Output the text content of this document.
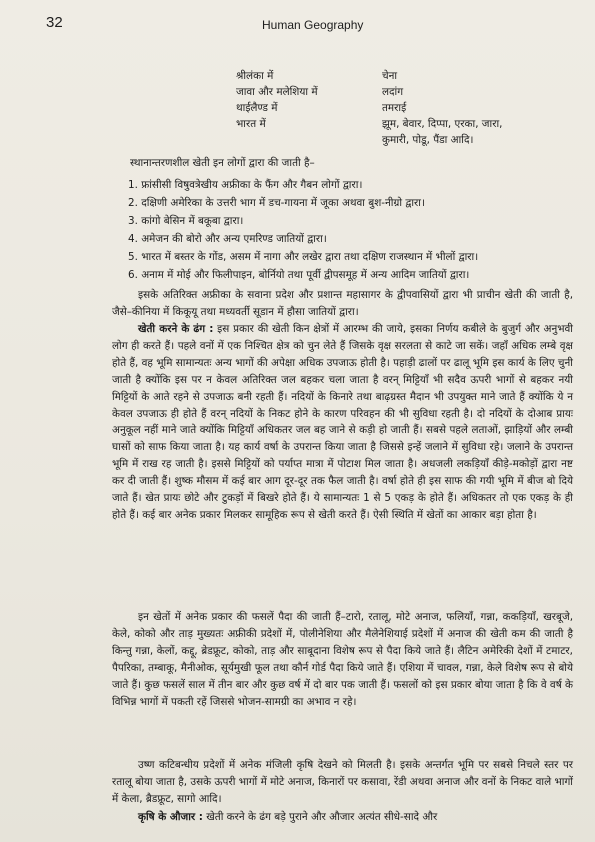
32	Human Geography
श्रीलंका में	चेना
जावा और मलेशिया में	लदांग
थाईलैण्ड में	तमराई
भारत में	झूम, बेवार, दिप्पा, एरका, जारा,
कुमारी, पोडू, पैंडा आदि।
स्थानान्तरणशील खेती इन लोगों द्वारा की जाती है–
1. फ्रांसीसी विषुवत्रेखीय अफ्रीका के फैंग और गैबन लोगों द्वारा।
2. दक्षिणी अमेरिका के उत्तरी भाग में डच-गायना में जूका अथवा बुश-नीग्रो द्वारा।
3. कांगो बेसिन में बकूबा द्वारा।
4. अमेजन की बोरो और अन्य एमरिण्ड जातियों द्वारा।
5. भारत में बस्तर के गोंड, असम में नागा और लखेर द्वारा तथा दक्षिण राजस्थान में भीलों द्वारा।
6. अनाम में मोई और फिलीपाइन, बोर्नियो तथा पूर्वी द्वीपसमूह में अन्य आदिम जातियों द्वारा।

इसके अतिरिक्त अफ्रीका के सवाना प्रदेश और प्रशान्त महासागर के द्वीपवासियों द्वारा भी प्राचीन खेती की जाती है, जैसे–कीनिया में किकूयू तथा मध्यवर्ती सूडान में हौसा जातियों द्वारा।

खेती करने के ढंग : इस प्रकार की खेती किन क्षेत्रों में आरम्भ की जाये, इसका निर्णय कबीले के बुजुर्ग और अनुभवी लोग ही करते हैं। पहले वनों में एक निश्चित क्षेत्र को चुन लेते हैं जिसके वृक्ष सरलता से काटे जा सकें। जहाँ अधिक लम्बे वृक्ष होते हैं, वह भूमि सामान्यतः अन्य भागों की अपेक्षा अधिक उपजाऊ होती है। पहाड़ी ढालों पर ढालू भूमि इस कार्य के लिए चुनी जाती है क्योंकि इस पर न केवल अतिरिक्त जल बहकर चला जाता है वरन् मिट्टियाँ भी सदैव ऊपरी भागों से बहकर नयी मिट्टियों के आते रहने से उपजाऊ बनी रहती हैं। नदियों के किनारे तथा बाढ़ग्रस्त मैदान भी उपयुक्त माने जाते हैं क्योंकि ये न केवल उपजाऊ ही होते हैं वरन् नदियों के निकट होने के कारण परिवहन की भी सुविधा रहती है। दो नदियों के दोआब प्रायः अनुकूल नहीं माने जाते क्योंकि मिट्टियाँ अधिकतर जल बह जाने से कड़ी हो जाती हैं। सबसे पहले लताओं, झाड़ियों और लम्बी घासों को साफ किया जाता है। यह कार्य वर्षा के उपरान्त किया जाता है जिससे इन्हें जलाने में सुविधा रहे। जलाने के उपरान्त भूमि में राख रह जाती है। इससे मिट्टियों को पर्याप्त मात्रा में पोटाश मिल जाता है। अधजली लकड़ियाँ कीड़े-मकोड़ों द्वारा नष्ट कर दी जाती हैं। शुष्क मौसम में कई बार आग दूर-दूर तक फैल जाती है। वर्षा होते ही इस साफ की गयी भूमि में बीज बो दिये जाते हैं। खेत प्रायः छोटे और टुकड़ों में बिखरे होते हैं। ये सामान्यतः 1 से 5 एकड़ के होते हैं। अधिकतर तो एक एकड़ के ही होते हैं। कई बार अनेक प्रकार मिलकर सामूहिक रूप से खेती करते हैं। ऐसी स्थिति में खेतों का आकार बड़ा होता है।

इन खेतों में अनेक प्रकार की फसलें पैदा की जाती हैं–टारो, रतालू, मोटे अनाज, फलियाँ, गन्ना, ककड़ियाँ, खरबूजे, केले, कोको और ताड़ मुख्यतः अफ्रीकी प्रदेशों में, पोलीनेशिया और मैलेनेशियाई प्रदेशों में अनाज की खेती कम की जाती है किन्तु गन्ना, केलों, कद्दू, ब्रेडफ्रूट, कोको, ताड़ और साबूदाना विशेष रूप से पैदा किये जाते हैं। लैटिन अमेरिकी देशों में टमाटर, पैपरिका, तम्बाकू, मैनीओक, सूर्यमुखी फूल तथा कौर्न गोर्ड पैदा किये जाते हैं। एशिया में चावल, गन्ना, केले विशेष रूप से बोये जाते हैं। कुछ फसलें साल में तीन बार और कुछ वर्ष में दो बार पक जाती हैं। फसलों को इस प्रकार बोया जाता है कि वे वर्ष के विभिन्न भागों में पकती रहें जिससे भोजन-सामग्री का अभाव न रहे।

उष्ण कटिबन्धीय प्रदेशों में अनेक मंजिली कृषि देखने को मिलती है। इसके अन्तर्गत भूमि पर सबसे निचले स्तर पर रतालू बोया जाता है, उसके ऊपरी भागों में मोटे अनाज, किनारों पर कसावा, रेंडी अथवा अनाज और वनों के निकट वाले भागों में केला, ब्रैडफ्रूट, सागो आदि।

कृषि के औजार : खेती करने के ढंग बड़े पुराने और औजार अत्यंत सीधे-सादे और
